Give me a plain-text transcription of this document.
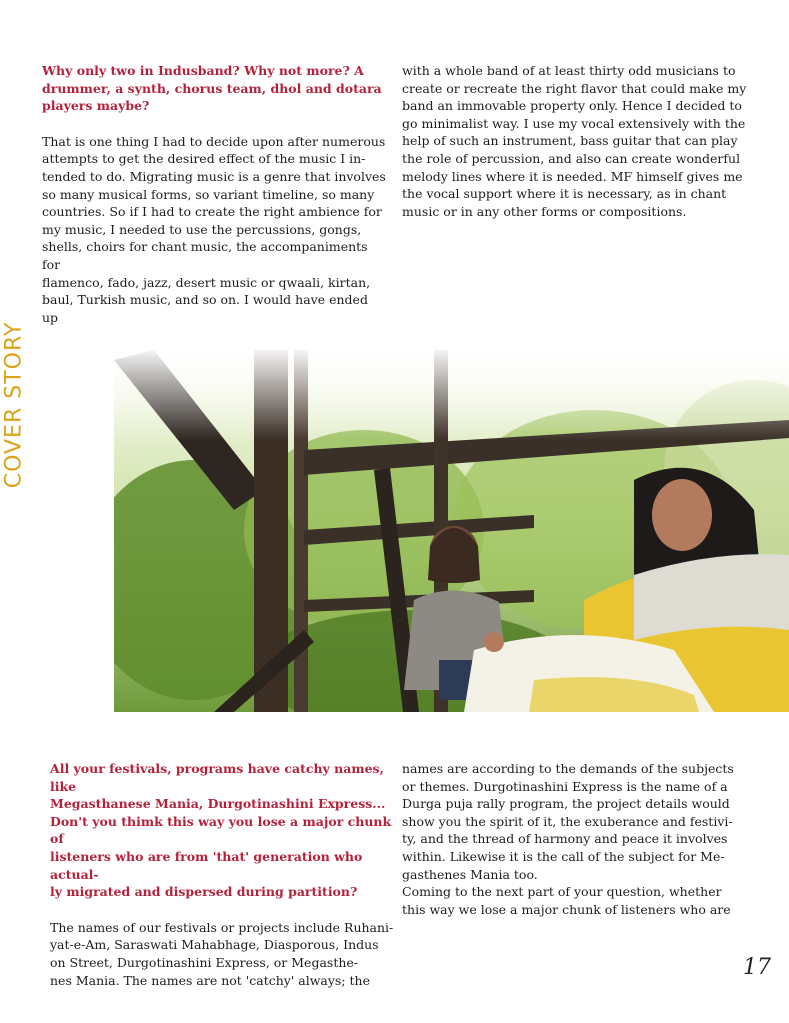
COVER STORY

Why only two in Indusband? Why not more? A

drummer, a synth, chorus team, dhol and dotara

players maybe?

That is one thing I had to decide upon after numerous

attempts to get the desired effect of the music I in-

tended to do. Migrating music is a genre that involves

so many musical forms, so variant timeline, so many

countries. So if I had to create the right ambience for

my music, I needed to use the percussions, gongs,

shells, choirs for chant music, the accompaniments for

flamenco, fado, jazz, desert music or qwaali, kirtan,

baul, Turkish music, and so on. I would have ended up

with a whole band of at least thirty odd musicians to

create or recreate the right flavor that could make my

band an immovable property only. Hence I decided to

go minimalist way. I use my vocal extensively with the

help of such an instrument, bass guitar that can play

the role of percussion, and also can create wonderful

melody lines where it is needed. MF himself gives me

the vocal support where it is necessary, as in chant

music or in any other forms or compositions.

All your festivals, programs have catchy names, like

Megasthanese Mania, Durgotinashini Express...

Don't you thimk this way you lose a major chunk of

listeners who are from 'that' generation who actual-

ly migrated and dispersed during partition?

The names of our festivals or projects include Ruhani-

yat-e-Am, Saraswati Mahabhage, Diasporous, Indus

on Street, Durgotinashini Express, or Megasthe-

nes Mania. The names are not 'catchy' always; the

names are according to the demands of the subjects

or themes. Durgotinashini Express is the name of a

Durga puja rally program, the project details would

show you the spirit of it, the exuberance and festivi-

ty, and the thread of harmony and peace it involves

within. Likewise it is the call of the subject for Me-

gasthenes Mania too.

Coming to the next part of your question, whether

this way we lose a major chunk of listeners who are

17
